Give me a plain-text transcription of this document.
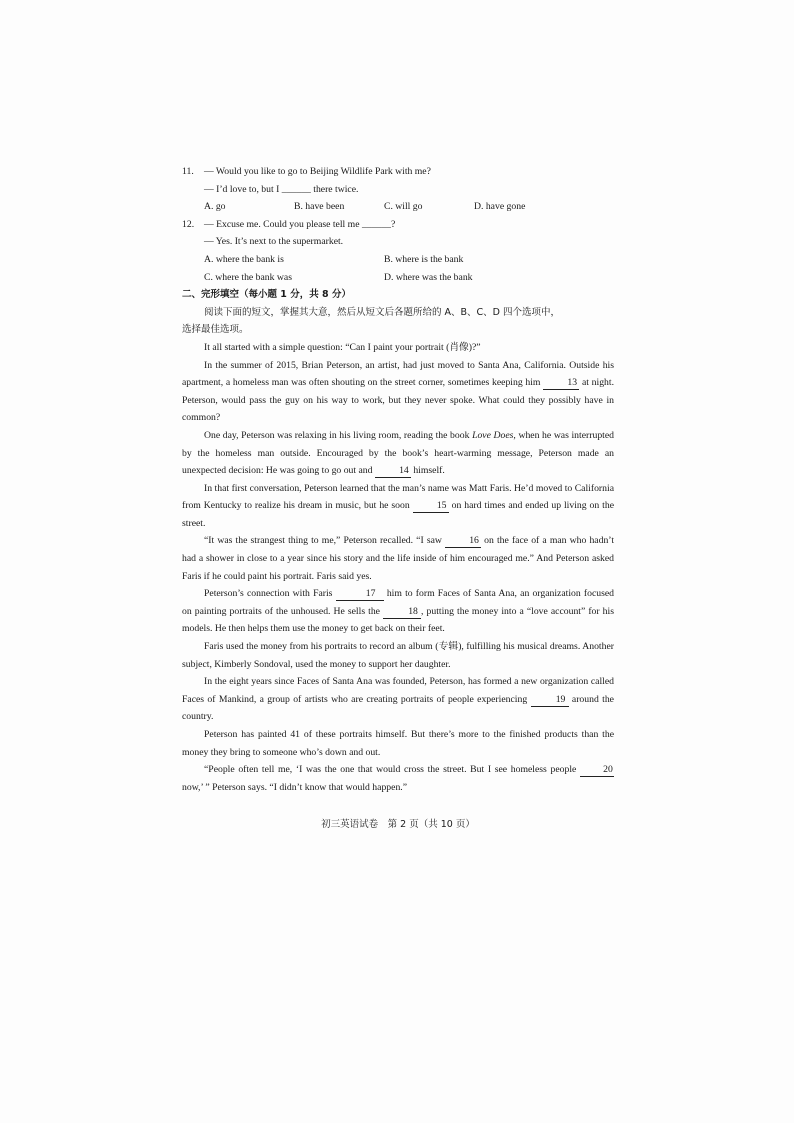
11. — Would you like to go to Beijing Wildlife Park with me?
— I’d love to, but I ______ there twice.
A. go	B. have been	C. will go	D. have gone
12. — Excuse me. Could you please tell me ______?
— Yes. It’s next to the supermarket.
A. where the bank is	B. where is the bank
C. where the bank was	D. where was the bank
二、完形填空（每小题 1 分，共 8 分）
阅读下面的短文，掌握其大意，然后从短文后各题所给的 A、B、C、D 四个选项中，
选择最佳选项。
It all started with a simple question: “Can I paint your portrait (肖像)?”
In the summer of 2015, Brian Peterson, an artist, had just moved to Santa Ana, California. Outside his apartment, a homeless man was often shouting on the street corner, sometimes keeping him	13 at night. Peterson, would pass the guy on his way to work, but they never spoke. What could they possibly have in common?
One day, Peterson was relaxing in his living room, reading the book Love Does, when he was interrupted by the homeless man outside. Encouraged by the book’s heart-warming message, Peterson made an unexpected decision: He was going to go out and	14 himself.
In that first conversation, Peterson learned that the man’s name was Matt Faris. He’d moved to California from Kentucky to realize his dream in music, but he soon	15 on hard times and ended up living on the street.
“It was the strangest thing to me,” Peterson recalled. “I saw	16 on the face of a man who hadn’t had a shower in close to a year since his story and the life inside of him encouraged me.” And Peterson asked Faris if he could paint his portrait. Faris said yes.
Peterson’s connection with Faris	17 him to form Faces of Santa Ana, an organization focused on painting portraits of the unhoused. He sells the	18 , putting the money into a “love account” for his models. He then helps them use the money to get back on their feet.
Faris used the money from his portraits to record an album (专辑), fulfilling his musical dreams. Another subject, Kimberly Sondoval, used the money to support her daughter.
In the eight years since Faces of Santa Ana was founded, Peterson, has formed a new organization called Faces of Mankind, a group of artists who are creating portraits of people experiencing	19 around the country.
Peterson has painted 41 of these portraits himself. But there’s more to the finished products than the money they bring to someone who’s down and out.
“People often tell me, ‘I was the one that would cross the street. But I see homeless people	20 now,’ ” Peterson says. “I didn’t know that would happen.”
初三英语试卷　第 2 页（共 10 页）
